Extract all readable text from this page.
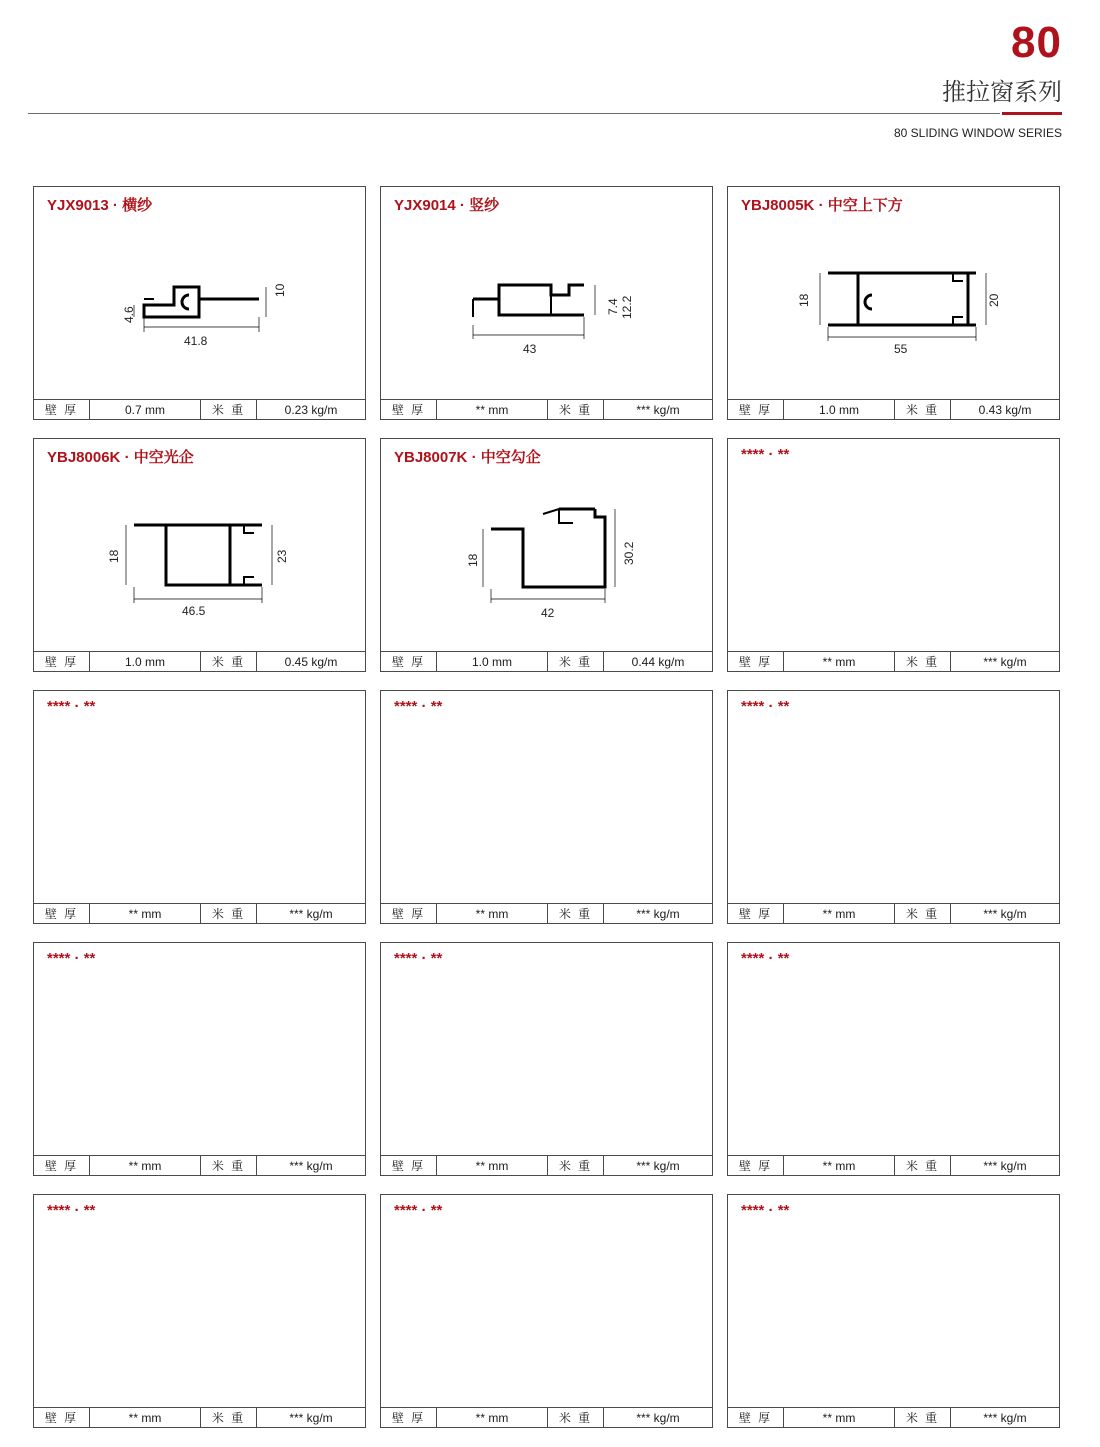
80
推拉窗系列
80 SLIDING WINDOW SERIES
YJX9013 · 横纱
4.6
41.8
10
壁 厚	0.7 mm	米 重	0.23 kg/m
YJX9014 · 竖纱
43
7.4 12.2
壁 厚	** mm	米 重	*** kg/m
YBJ8005K · 中空上下方
18
55
20
壁 厚	1.0 mm	米 重	0.43 kg/m
YBJ8006K · 中空光企
18
46.5
23
壁 厚	1.0 mm	米 重	0.45 kg/m
YBJ8007K · 中空勾企
18
42
30.2
壁 厚	1.0 mm	米 重	0.44 kg/m
**** · **
壁 厚	** mm	米 重	*** kg/m
**** · **
壁 厚	** mm	米 重	*** kg/m
**** · **
壁 厚	** mm	米 重	*** kg/m
**** · **
壁 厚	** mm	米 重	*** kg/m
**** · **
壁 厚	** mm	米 重	*** kg/m
**** · **
壁 厚	** mm	米 重	*** kg/m
**** · **
壁 厚	** mm	米 重	*** kg/m
**** · **
壁 厚	** mm	米 重	*** kg/m
**** · **
壁 厚	** mm	米 重	*** kg/m
**** · **
壁 厚	** mm	米 重	*** kg/m
